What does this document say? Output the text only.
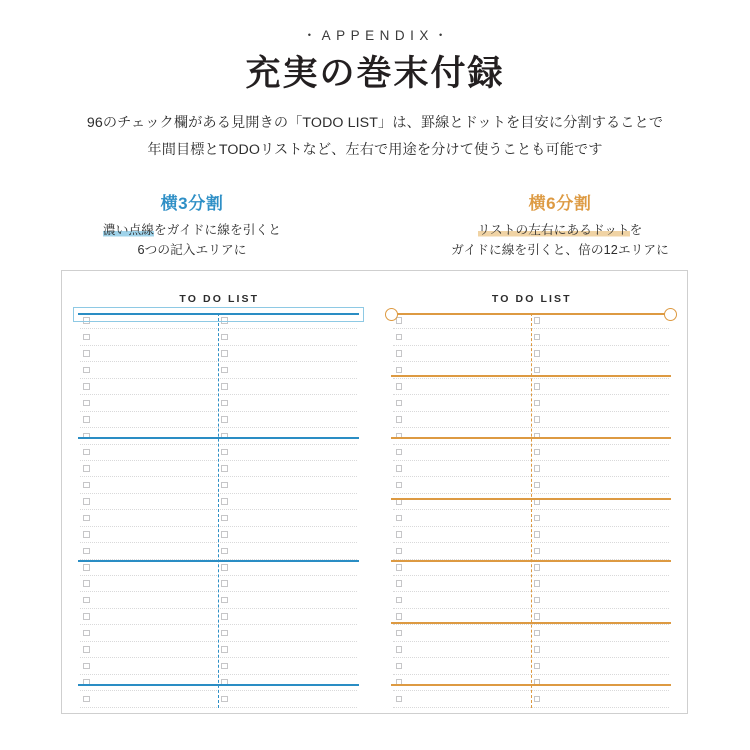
・APPENDIX・

充実の巻末付録

96のチェック欄がある見開きの「TODO LIST」は、罫線とドットを目安に分割することで
年間目標とTODOリストなど、左右で用途を分けて使うことも可能です

横3分割

濃い点線をガイドに線を引くと
6つの記入エリアに

横6分割

リストの左右にあるドットを
ガイドに線を引くと、倍の12エリアに

TO DO LIST	TO DO LIST
